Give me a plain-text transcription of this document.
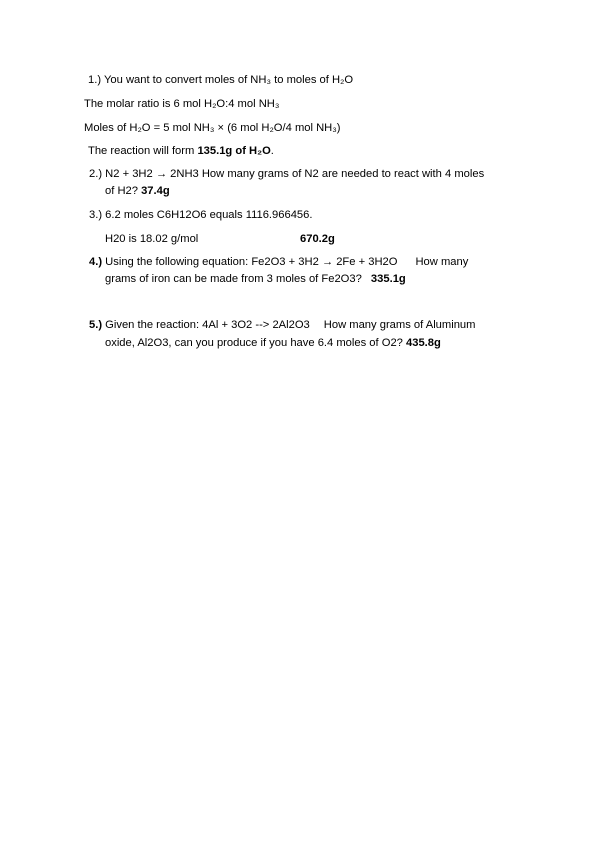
1.) You want to convert moles of NH₃ to moles of H₂O
The molar ratio is 6 mol H₂O:4 mol NH₃
Moles of H₂O = 5 mol NH₃ × (6 mol H₂O/4 mol NH₃)
The reaction will form 135.1g of H₂O.
2.) N2 + 3H2 → 2NH3 How many grams of N2 are needed to react with 4 moles
of H2? 37.4g
3.) 6.2 moles C6H12O6 equals 1116.966456.
H20 is 18.02 g/mol	670.2g
4.) Using the following equation: Fe2O3 + 3H2 → 2Fe + 3H2O How many
grams of iron can be made from 3 moles of Fe2O3? 335.1g
5.) Given the reaction: 4Al + 3O2 --> 2Al2O3 How many grams of Aluminum
oxide, Al2O3, can you produce if you have 6.4 moles of O2? 435.8g
